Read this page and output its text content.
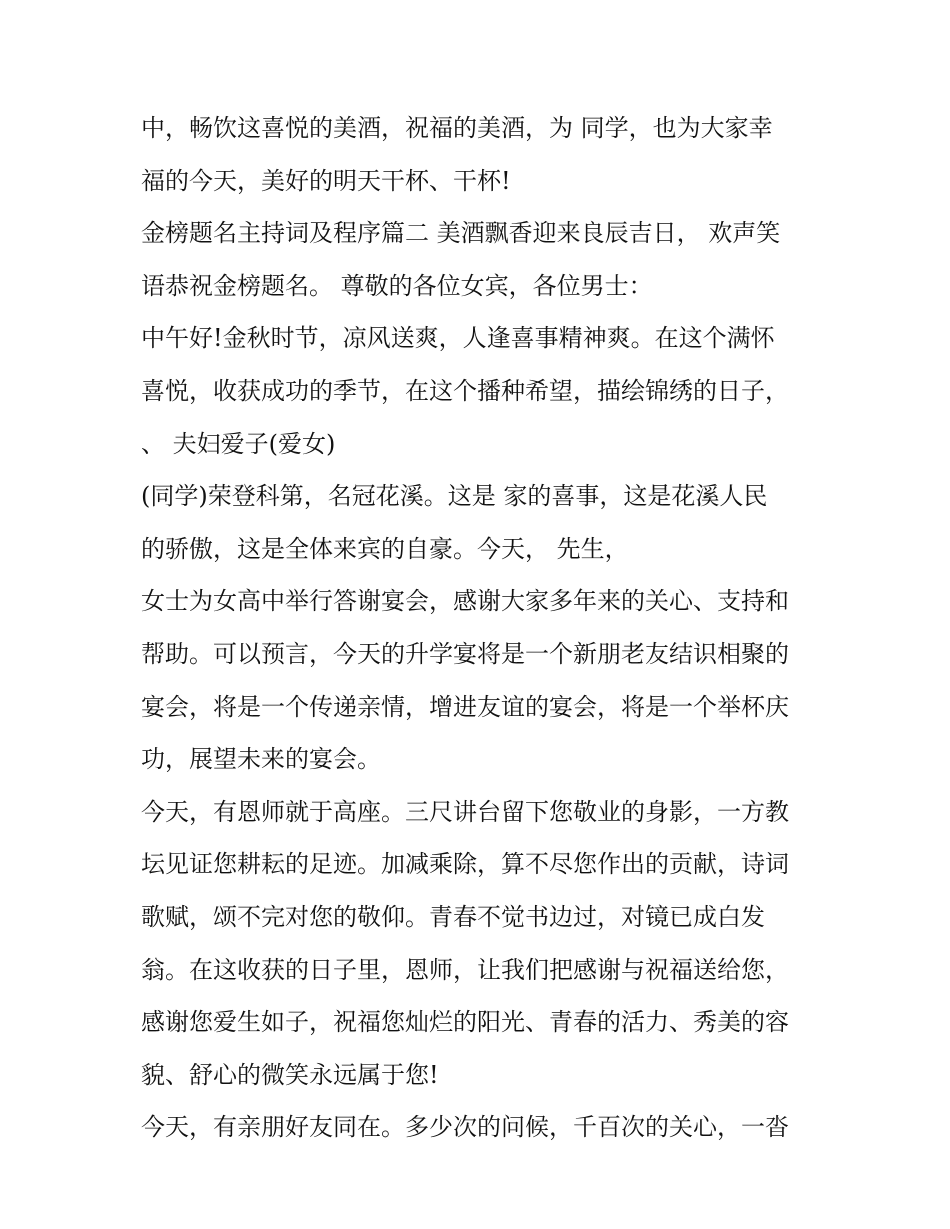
中，畅饮这喜悦的美酒，祝福的美酒，为 同学，也为大家幸
福的今天，美好的明天干杯、干杯!
金榜题名主持词及程序篇二 美酒飘香迎来良辰吉日， 欢声笑
语恭祝金榜题名。 尊敬的各位女宾，各位男士：
中午好!金秋时节，凉风送爽，人逢喜事精神爽。在这个满怀
喜悦，收获成功的季节，在这个播种希望，描绘锦绣的日子，
、 夫妇爱子(爱女)
(同学)荣登科第，名冠花溪。这是 家的喜事，这是花溪人民
的骄傲，这是全体来宾的自豪。今天， 先生，
女士为女高中举行答谢宴会，感谢大家多年来的关心、支持和
帮助。可以预言，今天的升学宴将是一个新朋老友结识相聚的
宴会，将是一个传递亲情，增进友谊的宴会，将是一个举杯庆
功，展望未来的宴会。
今天，有恩师就于高座。三尺讲台留下您敬业的身影，一方教
坛见证您耕耘的足迹。加减乘除，算不尽您作出的贡献，诗词
歌赋，颂不完对您的敬仰。青春不觉书边过，对镜已成白发
翁。在这收获的日子里，恩师，让我们把感谢与祝福送给您，
感谢您爱生如子，祝福您灿烂的阳光、青春的活力、秀美的容
貌、舒心的微笑永远属于您!
今天，有亲朋好友同在。多少次的问候，千百次的关心，一沓
